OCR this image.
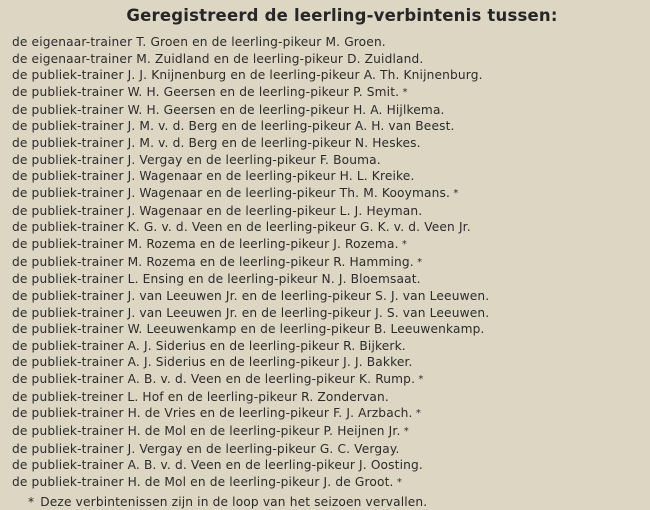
Geregistreerd de leerling-verbintenis tussen:
de eigenaar-trainer T. Groen en de leerling-pikeur M. Groen.
de eigenaar-trainer M. Zuidland en de leerling-pikeur D. Zuidland.
de publiek-trainer J. J. Knijnenburg en de leerling-pikeur A. Th. Knijnenburg.
de publiek-trainer W. H. Geersen en de leerling-pikeur P. Smit. *
de publiek-trainer W. H. Geersen en de leerling-pikeur H. A. Hijlkema.
de publiek-trainer J. M. v. d. Berg en de leerling-pikeur A. H. van Beest.
de publiek-trainer J. M. v. d. Berg en de leerling-pikeur N. Heskes.
de publiek-trainer J. Vergay en de leerling-pikeur F. Bouma.
de publiek-trainer J. Wagenaar en de leerling-pikeur H. L. Kreike.
de publiek-trainer J. Wagenaar en de leerling-pikeur Th. M. Kooymans. *
de publiek-trainer J. Wagenaar en de leerling-pikeur L. J. Heyman.
de publiek-trainer K. G. v. d. Veen en de leerling-pikeur G. K. v. d. Veen Jr.
de publiek-trainer M. Rozema en de leerling-pikeur J. Rozema. *
de publiek-trainer M. Rozema en de leerling-pikeur R. Hamming. *
de publiek-trainer L. Ensing en de leerling-pikeur N. J. Bloemsaat.
de publiek-trainer J. van Leeuwen Jr. en de leerling-pikeur S. J. van Leeuwen.
de publiek-trainer J. van Leeuwen Jr. en de leerling-pikeur J. S. van Leeuwen.
de publiek-trainer W. Leeuwenkamp en de leerling-pikeur B. Leeuwenkamp.
de publiek-trainer A. J. Siderius en de leerling-pikeur R. Bijkerk.
de publiek-trainer A. J. Siderius en de leerling-pikeur J. J. Bakker.
de publiek-trainer A. B. v. d. Veen en de leerling-pikeur K. Rump. *
de publiek-treiner L. Hof en de leerling-pikeur R. Zondervan.
de publiek-trainer H. de Vries en de leerling-pikeur F. J. Arzbach. *
de publiek-trainer H. de Mol en de leerling-pikeur P. Heijnen Jr. *
de publiek-trainer J. Vergay en de leerling-pikeur G. C. Vergay.
de publiek-trainer A. B. v. d. Veen en de leerling-pikeur J. Oosting.
de publiek-trainer H. de Mol en de leerling-pikeur J. de Groot. *
* Deze verbintenissen zijn in de loop van het seizoen vervallen.
